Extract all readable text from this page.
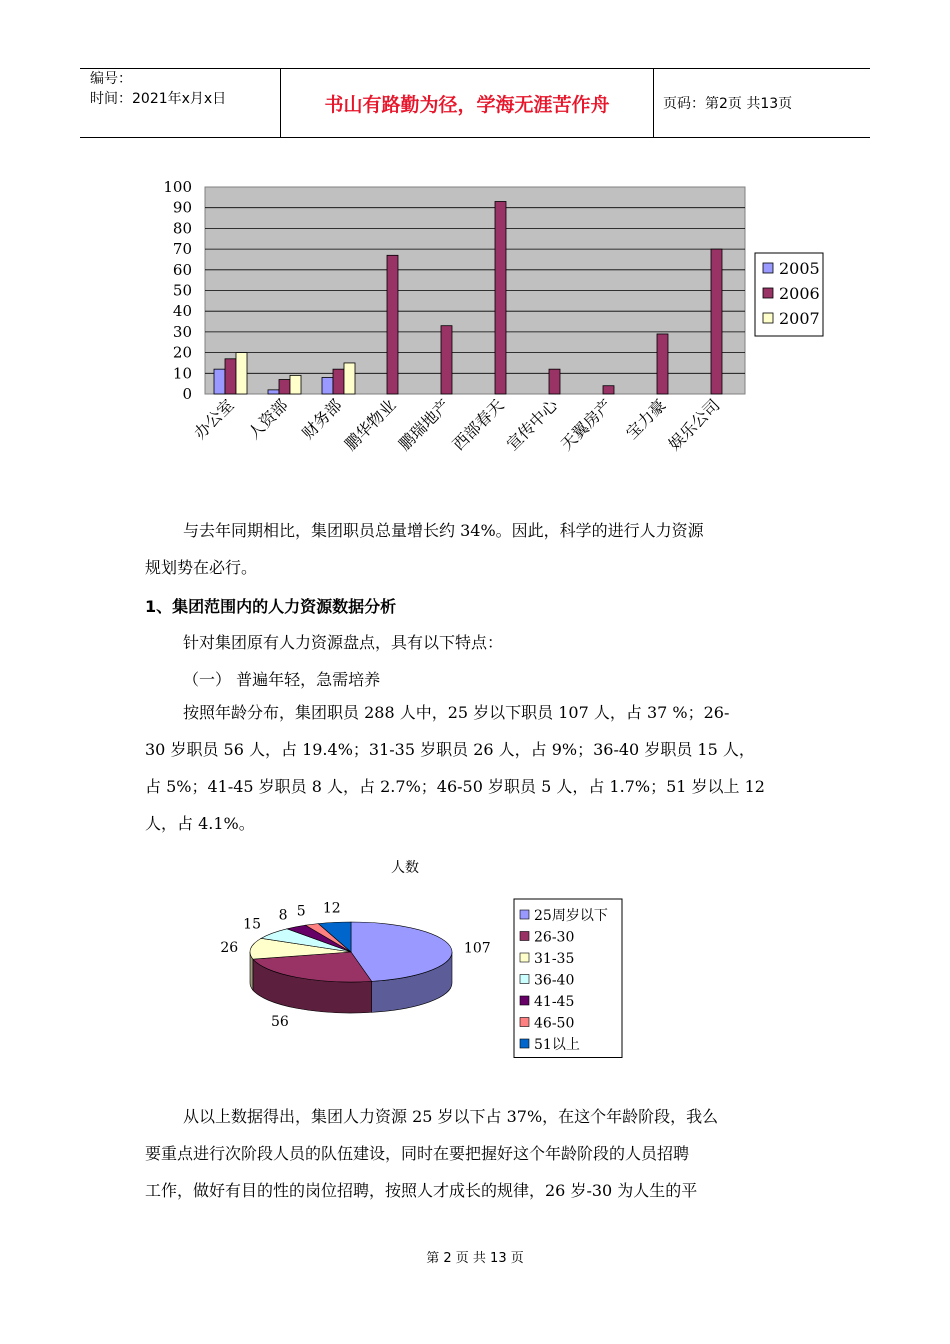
编号：
时间：2021年x月x日	书山有路勤为径，学海无涯苦作舟	页码：第2页 共13页
100
90
80
70
60
50
40
30
20
10
0
办公室 人资部 财务部
鹏华物业
鹏瑞地产
西部春天
宣传中心
天翼房产 宝力豪
娱乐公司
2005
2006
2007

与去年同期相比，集团职员总量增长约 34%。因此，科学的进行人力资源

规划势在必行。

1、集团范围内的人力资源数据分析
针对集团原有人力资源盘点，具有以下特点：
（一） 普遍年轻，急需培养

按照年龄分布，集团职员 288 人中，25 岁以下职员 107 人，占 37 %；26-

30 岁职员 56 人，占 19.4%；31-35 岁职员 26 人，占 9%；36-40 岁职员 15 人，

占 5%；41-45 岁职员 8 人，占 2.7%；46-50 岁职员 5 人，占 1.7%；51 岁以上 12

人，占 4.1%。

人数
107
56
26
15
8 5 12	25周岁以下
26-30
31-35
36-40
41-45
46-50
51以上

从以上数据得出，集团人力资源 25 岁以下占 37%，在这个年龄阶段，我么

要重点进行次阶段人员的队伍建设，同时在要把握好这个年龄阶段的人员招聘

工作，做好有目的性的岗位招聘，按照人才成长的规律，26 岁-30 为人生的平

第 2 页 共 13 页
